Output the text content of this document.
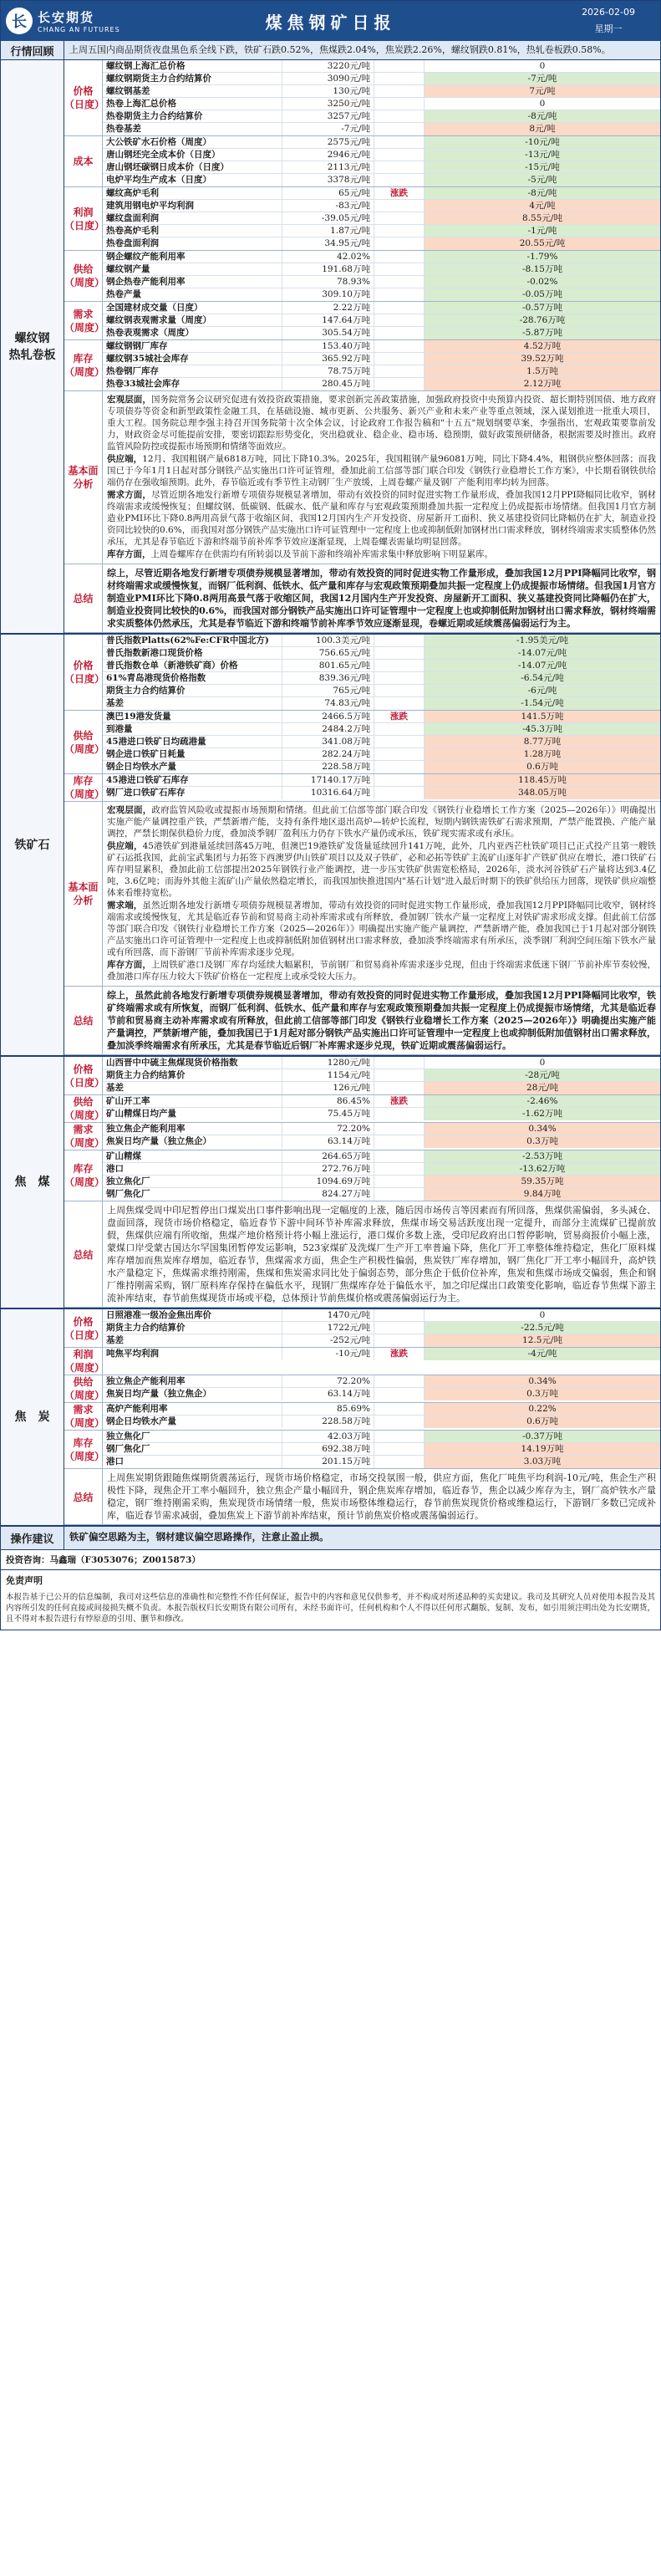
长 长安期货
CHANG AN FUTURES	煤焦钢矿日报	2026-02-09
星期一
行情回顾	上周五国内商品期货夜盘黑色系全线下跌，铁矿石跌0.52%，焦煤跌2.04%，焦炭跌2.26%，螺纹钢跌0.81%，热轧卷板跌0.58%。
螺纹钢
热轧卷板
价格
（日度）
螺纹钢上海汇总价格	3220元/吨	0
螺纹钢期货主力合约结算价	3090元/吨	-7元/吨
螺纹钢基差	130元/吨	7元/吨
热卷上海汇总价格	3250元/吨	0
热卷期货主力合约结算价	3257元/吨	-8元/吨
热卷基差	-7元/吨	8元/吨
成本
大公铁矿水石价格（周度）	2575元/吨	-10元/吨
唐山钢坯完全成本价（日度）	2946元/吨	-13元/吨
唐山钢坯碳钢日成本价（日度）	2113元/吨	-15元/吨
电炉平均生产成本（日度）	3378元/吨	-5元/吨
利润
（日度）
螺纹高炉毛利	65元/吨	涨跌	-8元/吨
建筑用钢电炉平均利润	-83元/吨	4元/吨
螺纹盘面利润	-39.05元/吨	8.55元/吨
热卷高炉毛利	1.87元/吨	-1元/吨
热卷盘面利润	34.95元/吨	20.55元/吨
供给
（周度）
钢企螺纹产能利用率	42.02%	-1.79%
螺纹钢产量	191.68万吨	-8.15万吨
钢企热卷产能利用率	78.93%	-0.02%
热卷产量	309.10万吨	-0.05万吨
需求
（周度）
全国建材成交量（日度）	2.22万吨	-0.57万吨
螺纹钢表观需求量（周度）	147.64万吨	-28.76万吨
热卷表观需求（周度）	305.54万吨	-5.87万吨
库存
（周度）
螺纹钢钢厂库存	153.40万吨	4.52万吨
螺纹钢35城社会库存	365.92万吨	39.52万吨
热卷钢厂库存	78.75万吨	1.5万吨
热卷33城社会库存	280.45万吨	2.12万吨
基本面
分析

宏观层面，国务院常务会议研究促进有效投资政策措施，要求创新完善政策措施，加强政府投资中央预算内投资、超长期特别国债、地方政府专项债券等资金和新型政策性金融工具，在基础设施、城市更新、公共服务、新兴产业和未来产业等重点领域，深入谋划推进一批重大项目，重大工程。国务院总理李强主持召开国务院第十次全体会议，讨论政府工作报告稿和"十五五"规划纲要草案，李强指出，宏观政策要靠前发力，财政资金尽可能提前安排，要密切跟踪形势变化，突出稳就业、稳企业、稳市场、稳预期，做好政策预研储备，根据需要及时推出。政府监管风险防控或提振市场预期和情绪等面效应。

供应端，12月、我国粗钢产量6818万吨，同比下降10.3%。2025年，我国粗钢产量96081万吨，同比下降4.4%，粗钢供应整体回落；而我国已于今年1月1日起对部分钢铁产品实施出口许可证管理，叠加此前工信部等部门联合印发《钢铁行业稳增长工作方案》，中长期看钢铁供给端仍存在强收缩预期。此外，春节临近或有季节性主动钢厂生产放缓，上周卷螺产量及钢厂产能利用率均转为回落。

需求方面，尽管近期各地发行新增专项债券规模显著增加，带动有效投资的同时促进实物工作量形成，叠加我国12月PPI降幅同比收窄，钢材终端需求或缓慢恢复；但螺纹钢、低碳钢、低碳水、低产量和库存与宏观政策预期叠加共振一定程度上仍成提振市场情绪。但我国1月官方制造业PMI环比下降0.8两用高景气落于收缩区间，我国12月国内生产开发投资、房屋新开工面积、狭义基建投资同比降幅仍在扩大，制造业投资同比较快的0.6%，而我国对部分钢铁产品实施出口许可证管理中一定程度上也或抑制低附加钢材出口需求释放，钢材终端需求实质整体仍然承压，尤其是春节临近下游和终端节前补库季节效应逐渐显现，上周卷螺表需量均明显回落。

库存方面，上周卷螺库存在供需均有所转弱以及节前下游和终端补库需求集中释放影响下明显累库。

总结
综上，尽管近期各地发行新增专项债券规模显著增加，带动有效投资的同时促进实物工作量形成，叠加我国12月PPI降幅同比收窄，钢材终端需求或缓慢恢复，而钢厂低利润、低铁水、低产量和库存与宏观政策预期叠加共振一定程度上仍成提振市场情绪。但我国1月官方制造业PMI环比下降0.8两用高景气落于收缩区间，我国12月国内生产开发投资、房屋新开工面积、狭义基建投资同比降幅仍在扩大，制造业投资同比较快的0.6%，而我国对部分钢铁产品实施出口许可证管理中一定程度上也或抑制低附加钢材出口需求释放，钢材终端需求实质整体仍然承压，尤其是春节临近下游和终端节前补库季节效应逐渐显现，卷螺近期或延续震荡偏弱运行为主。
铁矿石
价格
（日度）
普氏指数Platts(62%Fe:CFR中国北方)	100.3美元/吨	-1.95美元/吨
普氏指数新港口现货价格	756.65元/吨	-14.07元/吨
普氏指数仓单（新港铁矿商）价格	801.65元/吨	-14.07元/吨
61%青岛港现货价格指数	839.36元/吨	-6.54元/吨
期货主力合约结算价	765元/吨	-6元/吨
基差	74.83元/吨	-1.54元/吨
供给
（周度）
澳巴19港发货量	2466.5万吨	涨跌	141.5万吨
到港量	2484.2万吨	-45.3万吨
45港进口铁矿日均疏港量	341.08万吨	8.77万吨
钢企进口铁矿日耗量	282.24万吨	1.28万吨
钢企日均铁水产量	228.58万吨	0.6万吨
库存
（周度）
45港进口铁矿石库存	17140.17万吨	118.45万吨
钢厂进口铁矿石库存	10316.64万吨	348.05万吨
基本面
分析

宏观层面，政府监管风险收或提振市场预期和情绪。但此前工信部等部门联合印发《钢铁行业稳增长工作方案（2025—2026年）》明确提出实施产能产量调控重产铁，严禁新增产能，支持有条件地区退出高炉—转炉长流程，短期内钢铁需铁矿石需求预期，严禁产能置换、产能产量调控，严禁长期保供稳价力度，叠加淡季钢厂盈利压力仍存下铁水产量仍或承压，铁矿现实需求或有承压。

供应端，45港铁矿到港量延续回落45万吨，但澳巴19港铁矿发货量延续回升141万吨，此外，几内亚西芒杜铁矿项目已正式投产且第一艘铁矿石运抵我国，此前宝武集团与力拓签下西澳罗伊山铁矿项目以及双子铁矿，必和必拓等铁矿主流矿山逐年扩产铁矿供应在增长，港口铁矿石库存明显累积，叠加此前工信部提出2025年钢铁行业产能调控，进一步压实铁矿供需宽松格局，2026年，淡水河谷铁矿石产量将达到3.4亿吨，3.6亿吨；而海外其他主流矿山产量依然稳定增长，而我国加快推进国内"基石计划"进入最后时期下的铁矿供给压力回落，现铁矿供应端整体来看维持宽松。

需求端，虽然近期各地发行新增专项债券规模显著增加，带动有效投资的同时促进实物工作量形成，叠加我国12月PPI降幅同比收窄，钢材终端需求或缓慢恢复，尤其是临近春节前和贸易商主动补库需求或有所释放，叠加钢厂铁水产量一定程度上对铁矿需求形成支撑。但此前工信部等部门联合印发《钢铁行业稳增长工作方案（2025—2026年）》明确提出实施产能产量调控，严禁新增产能，叠加我国已于1月起对部分钢铁产品实施出口许可证管理中一定程度上也或抑制低附加值钢材出口需求释放，叠加淡季终端需求有所承压，淡季钢厂利润空间压缩下铁水产量或有所回落，而下游钢厂节前补库需求逐步兑现。

库存方面，上周铁矿港口及钢厂库存均延续大幅累积，节前钢厂和贸易商补库需求逐步兑现，但由于终端需求低迷下钢厂节前补库节奏较慢，叠加港口库存压力较大下铁矿价格在一定程度上或承受较大压力。

总结
综上，虽然此前各地发行新增专项债券规模显著增加，带动有效投资的同时促进实物工作量形成，叠加我国12月PPI降幅同比收窄，铁矿终端需求或有所恢复，而钢厂低利润、低铁水、低产量和库存与宏观政策预期叠加共振一定程度上仍成提振市场情绪，尤其是临近春节前和贸易商主动补库需求或有所释放，但此前工信部等部门印发《钢铁行业稳增长工作方案（2025—2026年）》明确提出实施产能产量调控，严禁新增产能，叠加我国已于1月起对部分钢铁产品实施出口许可证管理中一定程度上也或抑制低附加值钢材出口需求释放，叠加淡季终端需求有所承压，尤其是春节临近后钢厂补库需求逐步兑现，铁矿近期或震荡偏弱运行。
焦　煤
价格
（日度）
山西晋中中硫主焦煤现货价格指数	1280元/吨	0
期货主力合约结算价	1154元/吨	-28元/吨
基差	126元/吨	28元/吨
供给
（周度）
矿山开工率	86.45%	涨跌	-2.46%
矿山精煤日均产量	75.45万吨	-1.62万吨
需求
（周度）
独立焦企产能利用率	72.20%	0.34%
焦炭日均产量（独立焦企）	63.14万吨	0.3万吨
库存
（周度）
矿山精煤	264.65万吨	-2.53万吨
港口	272.76万吨	-13.62万吨
独立焦化厂	1094.69万吨	59.35万吨
钢厂焦化厂	824.27万吨	9.84万吨
总结
上周焦煤受周中印尼暂停出口煤炭出口事件影响出现一定幅度的上涨，随后因市场传言等因素而有所回落，焦煤供需偏弱，多头减仓、盘面回落，现货市场价格稳定，临近春节下游中间环节补库需求释放，焦煤市场交易活跃度出现一定提升，而部分主流煤矿已提前放假，焦煤供应端有所收缩，焦煤产地价格预计将小幅上涨运行，港口煤价多数上涨，受印尼政府出口暂停影响，贸易商报价小幅上涨，蒙煤口岸受蒙古国达尔罕国集团暂停发运影响，523家煤矿及洗煤厂生产开工率普遍下降，焦化厂开工率整体维持稳定，焦化厂原料煤库存增加而焦炭库存增加，临近春节，焦煤需求方面，焦企生产积极性偏弱，焦炭铁厂库存增加，钢厂焦化厂开工率小幅回升，高炉铁水产量稳定下，焦煤需求维持刚需，焦煤和焦炭需求同比处于偏弱态势，部分焦企于低价位补库，焦炭和焦煤市场成交偏弱，焦企和钢厂维持刚需采购，钢厂原料库存保持在偏低水平，现钢厂焦煤库存处于偏低水平，加之印尼煤出口政策变化影响，临近春节焦煤下游主流补库结束，春节前焦煤现货市场或平稳，总体预计节前焦煤价格或震荡偏弱运行为主。
焦　炭
价格
（日度）
日照港准一级冶金焦出库价	1470元/吨	0
期货主力合约结算价	1722元/吨	-22.5元/吨
基差	-252元/吨	12.5元/吨
利润
（周度）
吨焦平均利润	-10元/吨	涨跌	-4元/吨
供给
（周度）
独立焦企产能利用率	72.20%	0.34%
焦炭日均产量（独立焦企）	63.14万吨	0.3万吨
需求
（周度）
高炉产能利用率	85.69%	0.22%
钢企日均铁水产量	228.58万吨	0.6万吨
库存
（周度）
独立焦化厂	42.03万吨	-0.37万吨
钢厂焦化厂	692.38万吨	14.19万吨
港口	201.15万吨	3.03万吨
总结
上周焦炭期货跟随焦煤期货震荡运行，现货市场价格稳定，市场交投氛围一般，供应方面，焦化厂吨焦平均利润-10元/吨，焦企生产积极性下降，现焦企开工率小幅回升，独立焦企产量小幅回升，钢企焦炭库存增加，临近春节，焦企以减少库存为主，钢厂高炉铁水产量稳定，钢厂维持刚需采购，焦炭现货市场情绪一般，焦炭市场整体维稳运行，春节前焦炭现货价格或维稳运行，下游钢厂多数已完成补库，临近春节需求减弱，叠加焦炭上下游节前补库结束，预计节前焦炭价格或震荡偏弱运行。
操作建议	铁矿偏空思路为主，钢材建议偏空思路操作，注意止盈止损。
投资咨询：马鑫瑞（F3053076；Z0015873）
免责声明
本报告基于已公开的信息编制，我司对这些信息的准确性和完整性不作任何保证，报告中的内容和意见仅供参考，并不构成对所述品种的买卖建议。我司及其研究人员对使用本报告及其内容所引发的任何直接或间接损失概不负责。本报告版权归长安期货有限公司所有，未经书面许可，任何机构和个人不得以任何形式翻版、复制、发布，如引用须注明出处为长安期货，且不得对本报告进行有悖原意的引用、删节和修改。
